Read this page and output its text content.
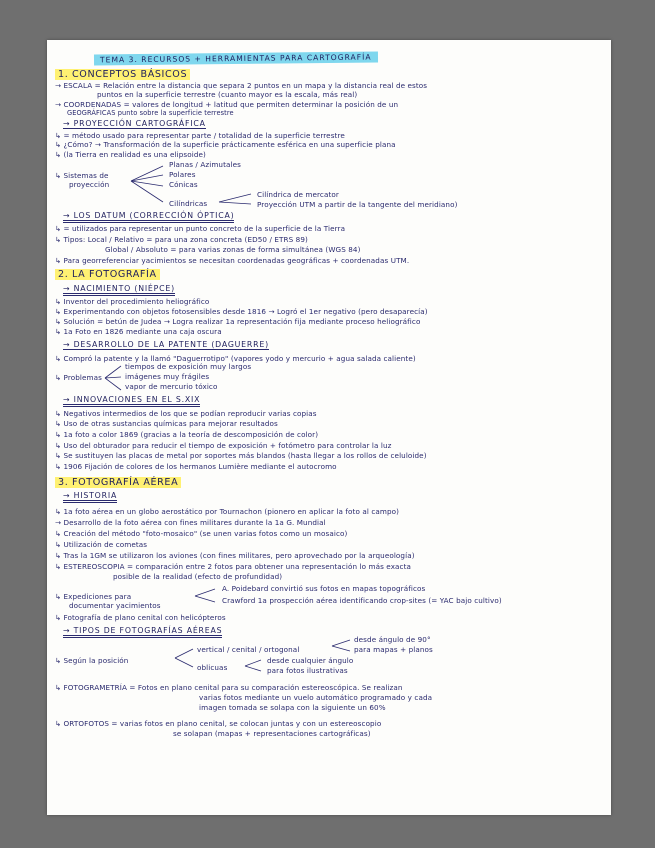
TEMA 3. RECURSOS + HERRAMIENTAS PARA CARTOGRAFÍA
1. CONCEPTOS BÁSICOS
→ ESCALA = Relación entre la distancia que separa 2 puntos en un mapa y la distancia real de estos
puntos en la superficie terrestre (cuanto mayor es la escala, más real)
→ COORDENADAS = valores de longitud + latitud que permiten determinar la posición de un
GEOGRÁFICAS punto sobre la superficie terrestre
→ PROYECCIÓN CARTOGRÁFICA
↳ = método usado para representar parte / totalidad de la superficie terrestre
↳ ¿Cómo? → Transformación de la superficie prácticamente esférica en una superficie plana
↳ (la Tierra en realidad es una elipsoide)
↳ Sistemas de
proyección
Planas / Azimutales
Polares
Cónicas
Cilíndrica de mercator
Cilíndricas	Proyección UTM a partir de la tangente del meridiano)
→ LOS DATUM (CORRECCIÓN ÓPTICA)
↳ = utilizados para representar un punto concreto de la superficie de la Tierra
↳ Tipos: Local / Relativo = para una zona concreta (ED50 / ETRS 89)
Global / Absoluto = para varias zonas de forma simultánea (WGS 84)
↳ Para georreferenciar yacimientos se necesitan coordenadas geográficas + coordenadas UTM.
2. LA FOTOGRAFÍA
→ NACIMIENTO (NIÉPCE)
↳ Inventor del procedimiento heliográfico
↳ Experimentando con objetos fotosensibles desde 1816 → Logró el 1er negativo (pero desaparecía)
↳ Solución = betún de Judea → Logra realizar 1a representación fija mediante proceso heliográfico
↳ 1a Foto en 1826 mediante una caja oscura
→ DESARROLLO DE LA PATENTE (DAGUERRE)
↳ Compró la patente y la llamó "Daguerrotipo" (vapores yodo y mercurio + agua salada caliente)
↳ Problemas
tiempos de exposición muy largos
imágenes muy frágiles
vapor de mercurio tóxico
→ INNOVACIONES EN EL S.XIX
↳ Negativos intermedios de los que se podían reproducir varias copias
↳ Uso de otras sustancias químicas para mejorar resultados
↳ 1a foto a color 1869 (gracias a la teoría de descomposición de color)
↳ Uso del obturador para reducir el tiempo de exposición + fotómetro para controlar la luz
↳ Se sustituyen las placas de metal por soportes más blandos (hasta llegar a los rollos de celuloide)
↳ 1906 Fijación de colores de los hermanos Lumière mediante el autocromo
3. FOTOGRAFÍA AÉREA
→ HISTORIA
↳ 1a foto aérea en un globo aerostático por Tournachon (pionero en aplicar la foto al campo)
→ Desarrollo de la foto aérea con fines militares durante la 1a G. Mundial
↳ Creación del método "foto-mosaico" (se unen varias fotos como un mosaico)
↳ Utilización de cometas
↳ Tras la 1GM se utilizaron los aviones (con fines militares, pero aprovechado por la arqueología)
↳ ESTEREOSCOPIA = comparación entre 2 fotos para obtener una representación lo más exacta
posible de la realidad (efecto de profundidad)
A. Poidebard convirtió sus fotos en mapas topográficos
↳ Expediciones para
documentar yacimientos
Crawford 1a prospección aérea identificando crop-sites (= YAC bajo cultivo)
↳ Fotografía de plano cenital con helicópteros
→ TIPOS DE FOTOGRAFÍAS AÉREAS
desde ángulo de 90°
vertical / cenital / ortogonal	para mapas + planos
↳ Según la posición	desde cualquier ángulo
oblicuas	para fotos ilustrativas
↳ FOTOGRAMETRÍA = Fotos en plano cenital para su comparación estereoscópica. Se realizan
varias fotos mediante un vuelo automático programado y cada
imagen tomada se solapa con la siguiente un 60%
↳ ORTOFOTOS = varias fotos en plano cenital, se colocan juntas y con un estereoscopio
se solapan (mapas + representaciones cartográficas)
